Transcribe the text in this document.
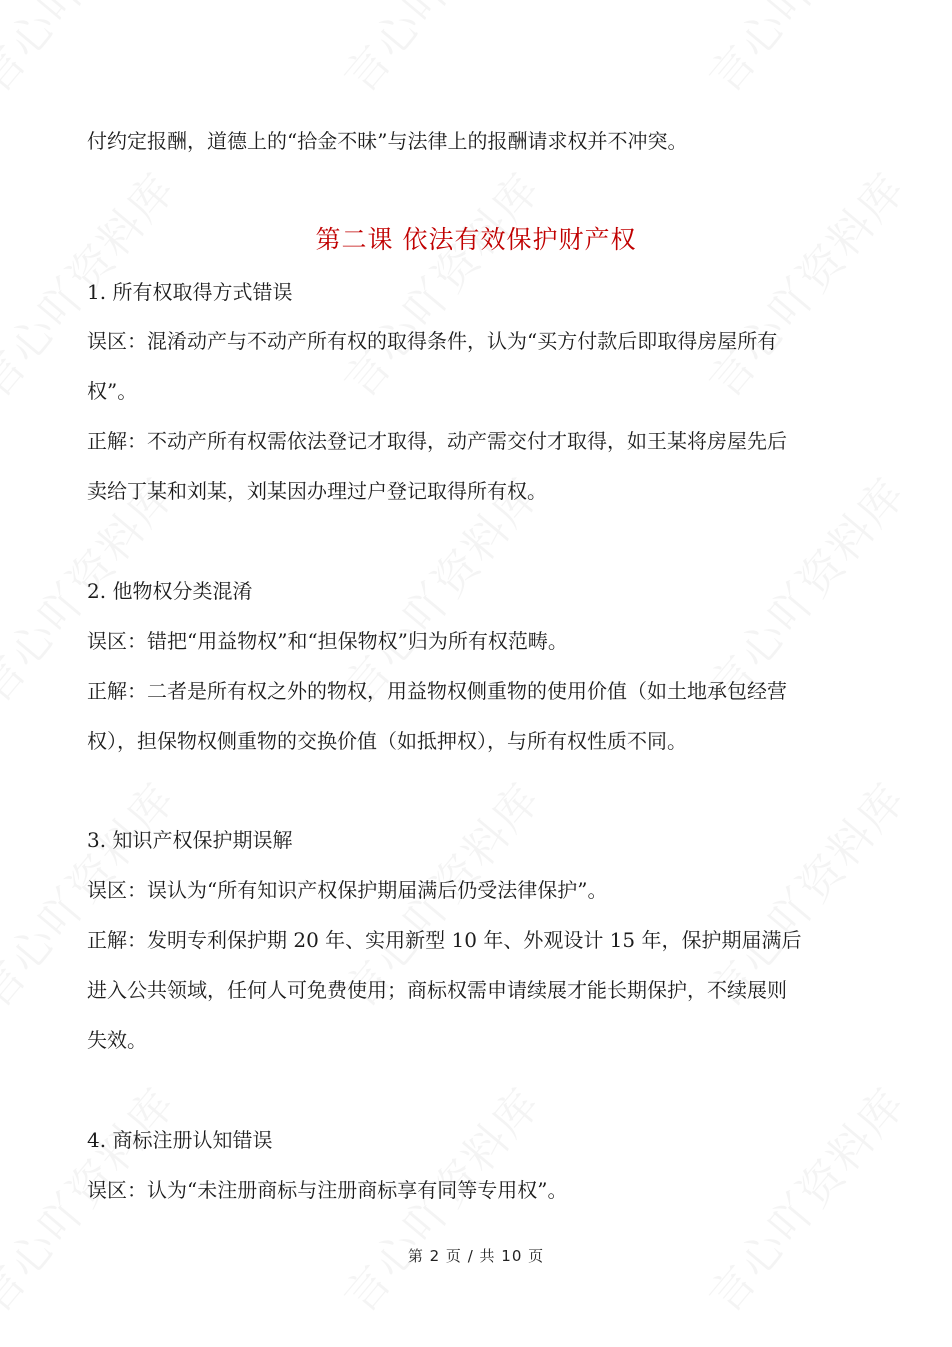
付约定报酬，道德上的“拾金不昧”与法律上的报酬请求权并不冲突。
第二课 依法有效保护财产权
1. 所有权取得方式错误
误区：混淆动产与不动产所有权的取得条件，认为“买方付款后即取得房屋所有
权”。
正解：不动产所有权需依法登记才取得，动产需交付才取得，如王某将房屋先后
卖给丁某和刘某，刘某因办理过户登记取得所有权。
2. 他物权分类混淆
误区：错把“用益物权”和“担保物权”归为所有权范畴。
正解：二者是所有权之外的物权，用益物权侧重物的使用价值（如土地承包经营
权），担保物权侧重物的交换价值（如抵押权），与所有权性质不同。
3. 知识产权保护期误解
误区：误认为“所有知识产权保护期届满后仍受法律保护”。
正解：发明专利保护期 20 年、实用新型 10 年、外观设计 15 年，保护期届满后
进入公共领域，任何人可免费使用；商标权需申请续展才能长期保护，不续展则
失效。
4. 商标注册认知错误
误区：认为“未注册商标与注册商标享有同等专用权”。
第 2 页 / 共 10 页
